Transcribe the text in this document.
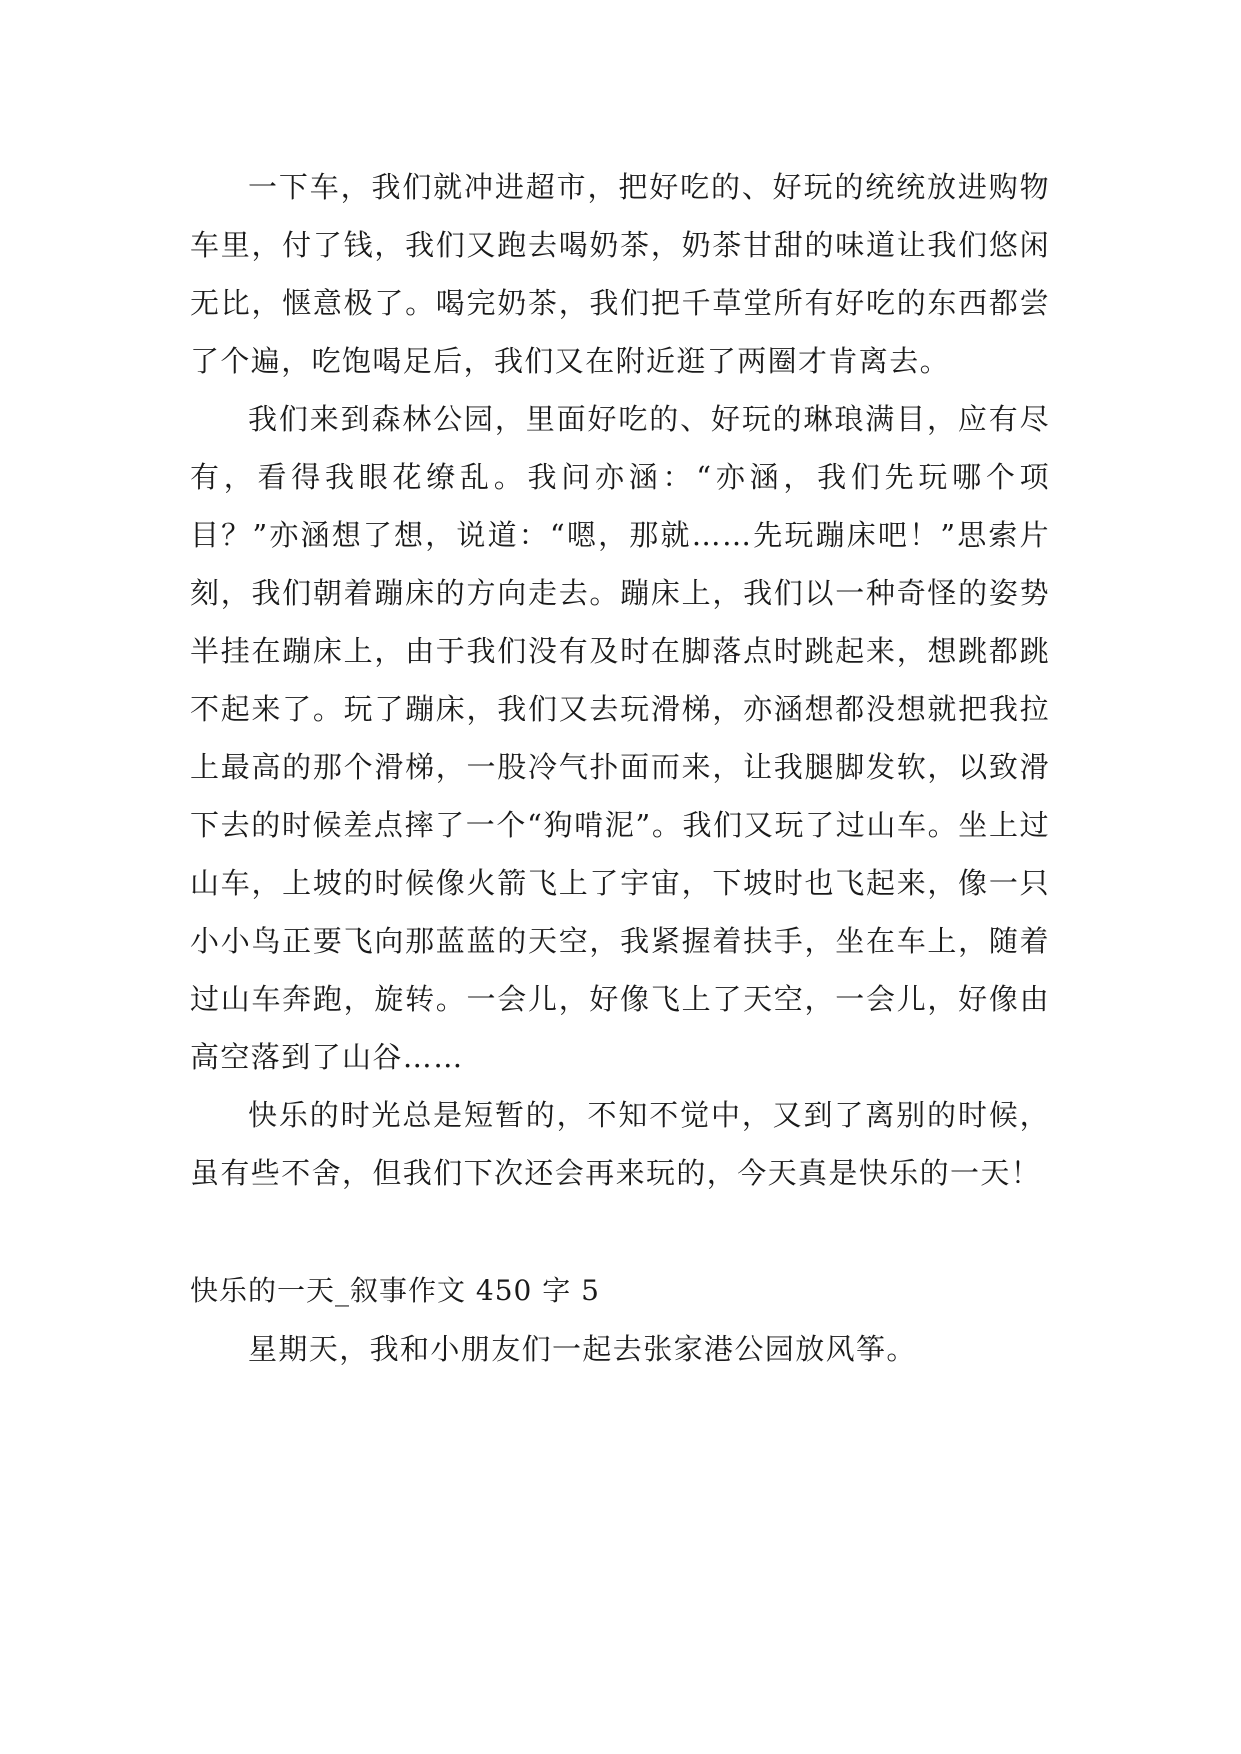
一下车，我们就冲进超市，把好吃的、好玩的统统放进购物车里，付了钱，我们又跑去喝奶茶，奶茶甘甜的味道让我们悠闲无比，惬意极了。喝完奶茶，我们把千草堂所有好吃的东西都尝了个遍，吃饱喝足后，我们又在附近逛了两圈才肯离去。

我们来到森林公园，里面好吃的、好玩的琳琅满目，应有尽有，看得我眼花缭乱。我问亦涵：“亦涵，我们先玩哪个项目？”亦涵想了想，说道：“嗯，那就……先玩蹦床吧！”思索片刻，我们朝着蹦床的方向走去。蹦床上，我们以一种奇怪的姿势半挂在蹦床上，由于我们没有及时在脚落点时跳起来，想跳都跳不起来了。玩了蹦床，我们又去玩滑梯，亦涵想都没想就把我拉上最高的那个滑梯，一股冷气扑面而来，让我腿脚发软，以致滑下去的时候差点摔了一个“狗啃泥”。我们又玩了过山车。坐上过山车，上坡的时候像火箭飞上了宇宙，下坡时也飞起来，像一只小小鸟正要飞向那蓝蓝的天空，我紧握着扶手，坐在车上，随着过山车奔跑，旋转。一会儿，好像飞上了天空，一会儿，好像由高空落到了山谷……

快乐的时光总是短暂的，不知不觉中，又到了离别的时候，虽有些不舍，但我们下次还会再来玩的，今天真是快乐的一天！

快乐的一天_叙事作文 450 字 5

星期天，我和小朋友们一起去张家港公园放风筝。
